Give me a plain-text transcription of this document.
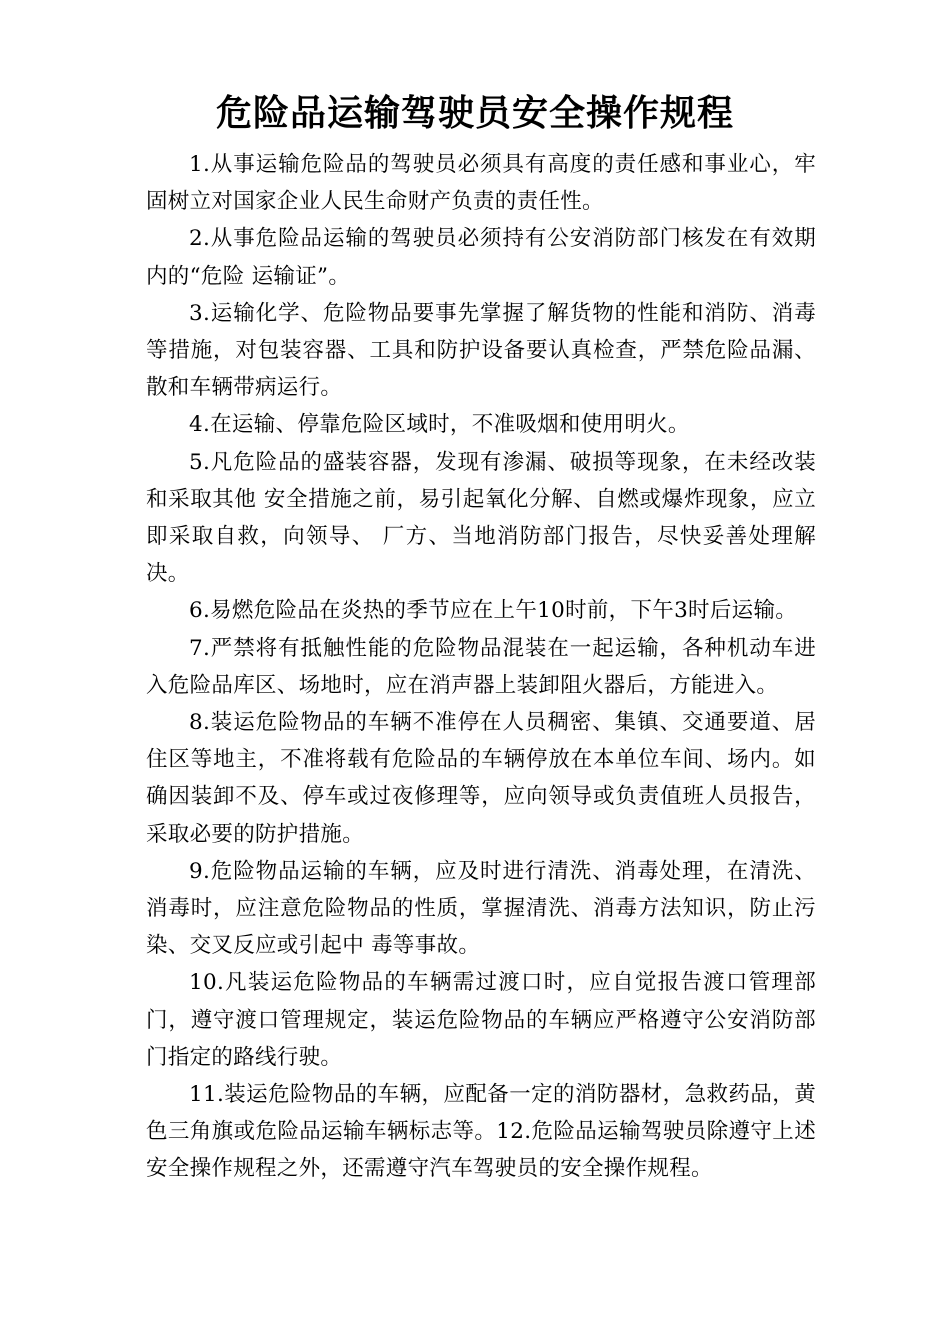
危险品运输驾驶员安全操作规程

1.从事运输危险品的驾驶员必须具有高度的责任感和事业心，牢固树立对国家企业人民生命财产负责的责任性。

2.从事危险品运输的驾驶员必须持有公安消防部门核发在有效期内的“危险 运输证”。

3.运输化学、危险物品要事先掌握了解货物的性能和消防、消毒等措施，对包装容器、工具和防护设备要认真检查，严禁危险品漏、散和车辆带病运行。

4.在运输、停靠危险区域时，不准吸烟和使用明火。

5.凡危险品的盛装容器，发现有渗漏、破损等现象，在未经改装和采取其他 安全措施之前，易引起氧化分解、自燃或爆炸现象，应立即采取自救，向领导、 厂方、当地消防部门报告，尽快妥善处理解决。

6.易燃危险品在炎热的季节应在上午10时前，下午3时后运输。

7.严禁将有抵触性能的危险物品混装在一起运输，各种机动车进入危险品库区、场地时，应在消声器上装卸阻火器后，方能进入。

8.装运危险物品的车辆不准停在人员稠密、集镇、交通要道、居住区等地主，不准将载有危险品的车辆停放在本单位车间、场内。如确因装卸不及、停车或过夜修理等，应向领导或负责值班人员报告，采取必要的防护措施。

9.危险物品运输的车辆，应及时进行清洗、消毒处理，在清洗、消毒时，应注意危险物品的性质，掌握清洗、消毒方法知识，防止污染、交叉反应或引起中 毒等事故。

10.凡装运危险物品的车辆需过渡口时，应自觉报告渡口管理部门，遵守渡口管理规定，装运危险物品的车辆应严格遵守公安消防部门指定的路线行驶。

11.装运危险物品的车辆，应配备一定的消防器材，急救药品，黄色三角旗或危险品运输车辆标志等。12.危险品运输驾驶员除遵守上述安全操作规程之外，还需遵守汽车驾驶员的安全操作规程。
